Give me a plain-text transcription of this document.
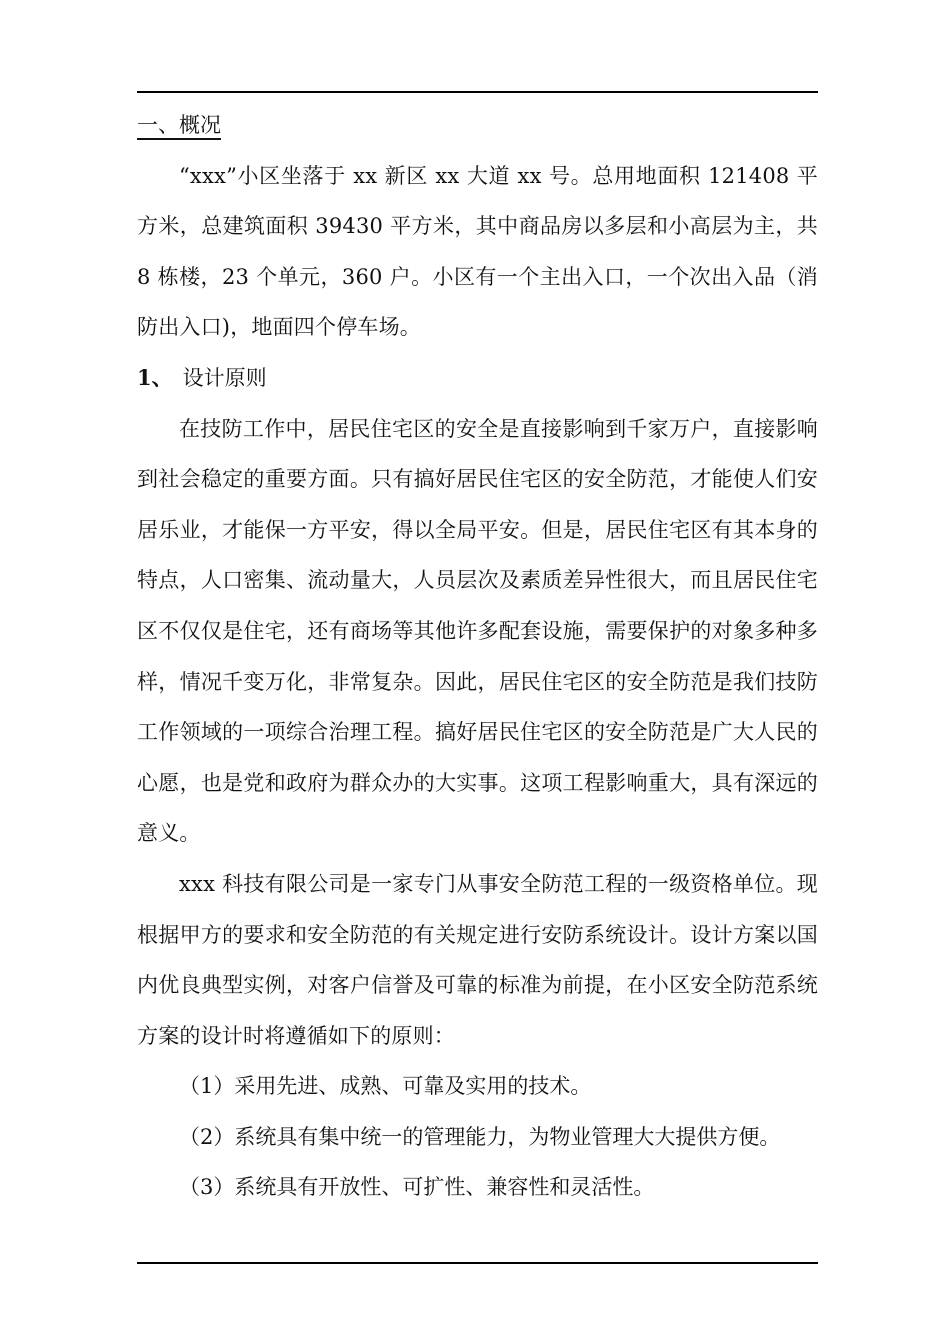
一、概况

“xxx”小区坐落于 xx 新区 xx 大道 xx 号。总用地面积 121408 平方米，总建筑面积 39430 平方米，其中商品房以多层和小高层为主，共 8 栋楼，23 个单元，360 户。小区有一个主出入口，一个次出入品（消防出入口)，地面四个停车场。

1、 设计原则

在技防工作中，居民住宅区的安全是直接影响到千家万户，直接影响到社会稳定的重要方面。只有搞好居民住宅区的安全防范，才能使人们安居乐业，才能保一方平安，得以全局平安。但是，居民住宅区有其本身的特点，人口密集、流动量大，人员层次及素质差异性很大，而且居民住宅区不仅仅是住宅，还有商场等其他许多配套设施，需要保护的对象多种多样，情况千变万化，非常复杂。因此，居民住宅区的安全防范是我们技防工作领域的一项综合治理工程。搞好居民住宅区的安全防范是广大人民的心愿，也是党和政府为群众办的大实事。这项工程影响重大，具有深远的意义。

xxx 科技有限公司是一家专门从事安全防范工程的一级资格单位。现根据甲方的要求和安全防范的有关规定进行安防系统设计。设计方案以国内优良典型实例，对客户信誉及可靠的标准为前提，在小区安全防范系统方案的设计时将遵循如下的原则：

（1）采用先进、成熟、可靠及实用的技术。

（2）系统具有集中统一的管理能力，为物业管理大大提供方便。

（3）系统具有开放性、可扩性、兼容性和灵活性。
